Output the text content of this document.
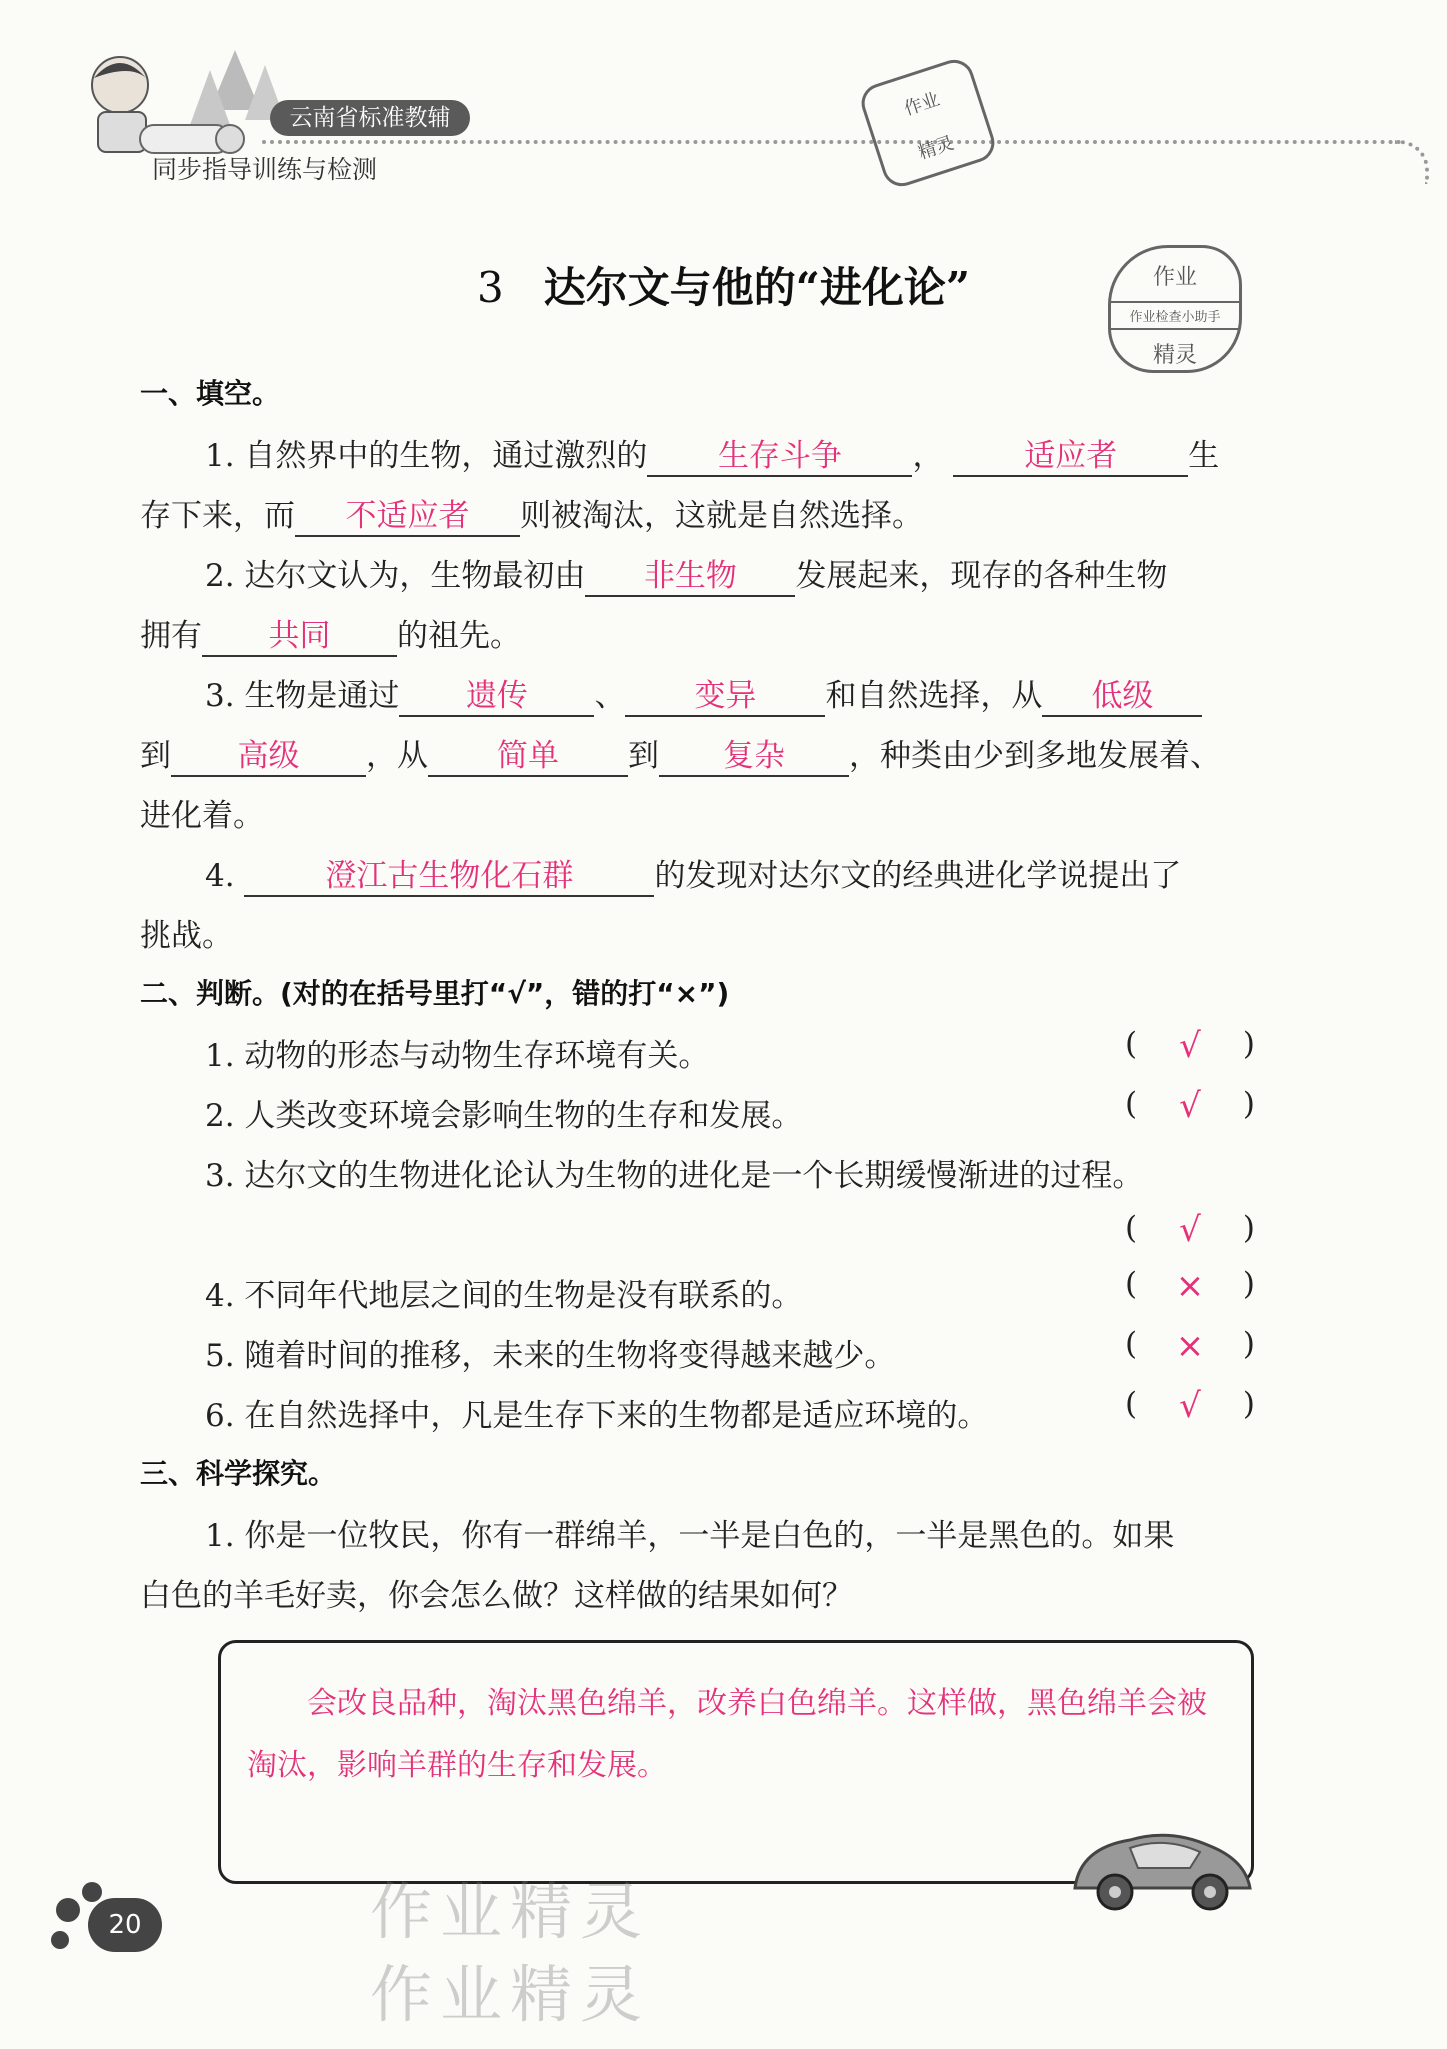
云南省标准教辅
同步指导训练与检测
作业
精灵
3 达尔文与他的“进化论”	作业
作业检查小助手
精灵
一、填空。
1. 自然界中的生物，通过激烈的 生存斗争 ，	适应者 生
存下来，而 不适应者 则被淘汰，这就是自然选择。
2. 达尔文认为，生物最初由 非生物 发展起来，现存的各种生物
拥有 共同 的祖先。
3. 生物是通过 遗传 、 变异 和自然选择，从 低级
到 高级 ，从 简单 到 复杂 ，种类由少到多地发展着、
进化着。
4.	澄江古生物化石群	的发现对达尔文的经典进化学说提出了
挑战。
二、判断。(对的在括号里打“√”，错的打“×”)
1. 动物的形态与动物生存环境有关。	( √ )
2. 人类改变环境会影响生物的生存和发展。	( √ )
3. 达尔文的生物进化论认为生物的进化是一个长期缓慢渐进的过程。
( √ )
4. 不同年代地层之间的生物是没有联系的。	( × )
5. 随着时间的推移，未来的生物将变得越来越少。	( × )
6. 在自然选择中，凡是生存下来的生物都是适应环境的。	( √ )
三、科学探究。
1. 你是一位牧民，你有一群绵羊，一半是白色的，一半是黑色的。如果
白色的羊毛好卖，你会怎么做？这样做的结果如何？
会改良品种，淘汰黑色绵羊，改养白色绵羊。这样做，黑色绵羊会被淘汰，影响羊群的生存和发展。
作业精灵
作业精灵
20
